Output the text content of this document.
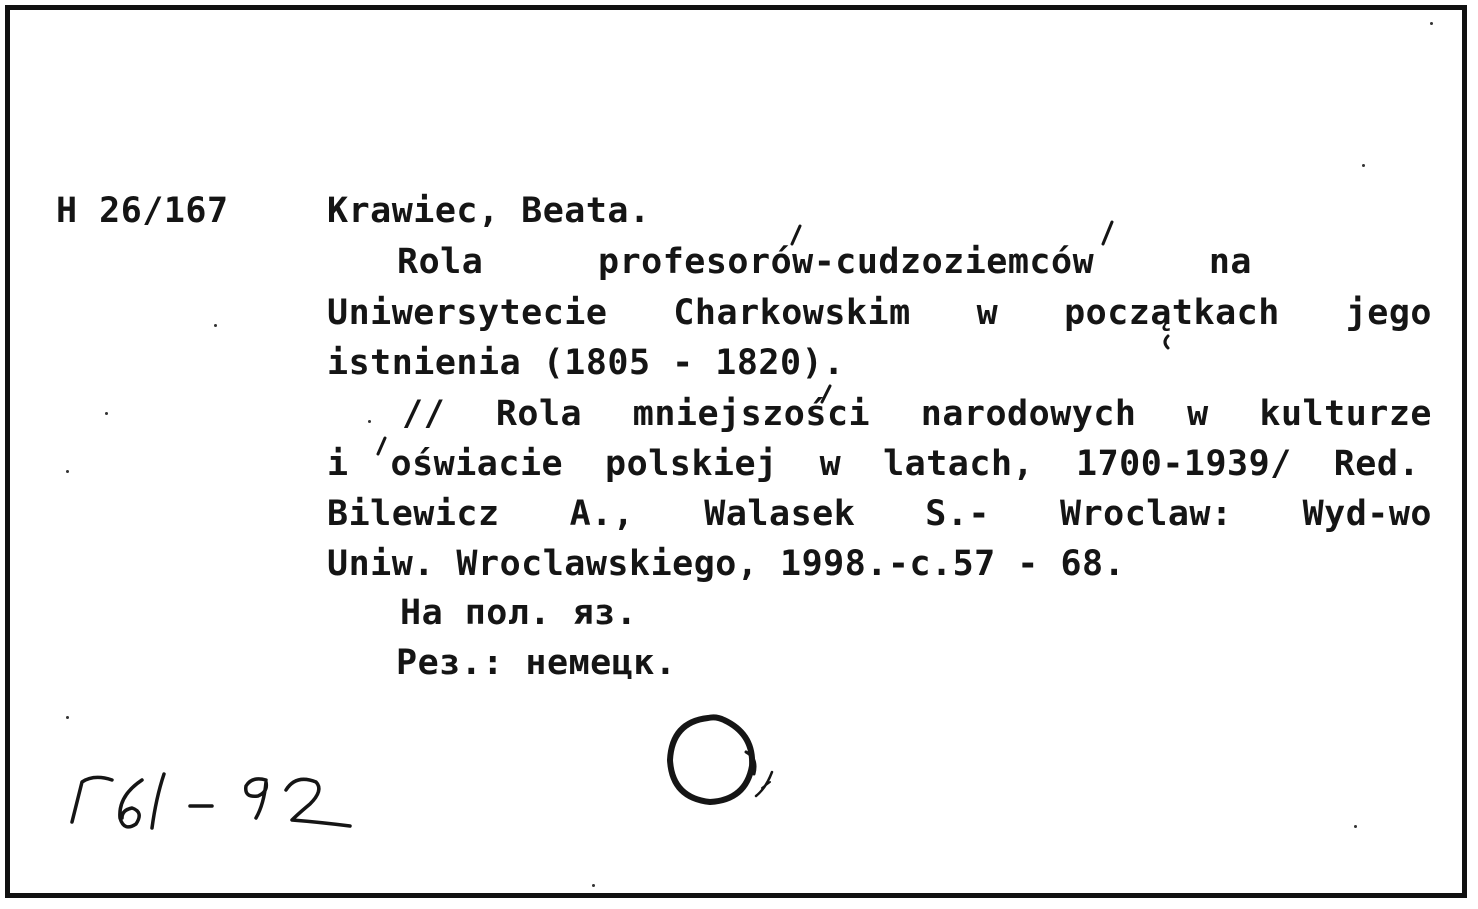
Н 26/167	Krawiec, Beata.
Rola profesorów-cudzoziemców na
Uniwersytecie Charkowskim w początkach jego
istnienia (1805 - 1820).
// Rola mniejszości narodowych w kulturze
i oświacie polskiej w latach, 1700-1939/ Red.
Bilewicz A., Walasek S.- Wroclaw: Wyd-wo
Uniw. Wroclawskiego, 1998.-c.57 - 68.
На пол. яз.
Рез.: немецк.
